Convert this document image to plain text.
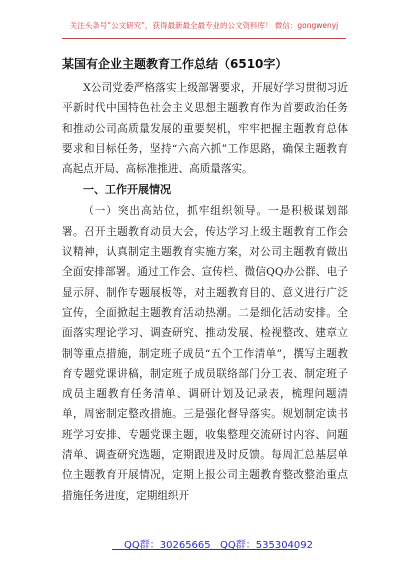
关注头条号“公文研究”，获得最新最全最专业的公文资料库！ 微信：gongwenyj
某国有企业主题教育工作总结（6510字）

X公司党委严格落实上级部署要求，开展好学习贯彻习近平新时代中国特色社会主义思想主题教育作为首要政治任务和推动公司高质量发展的重要契机，牢牢把握主题教育总体要求和目标任务，坚持“六高六抓”工作思路，确保主题教育高起点开局、高标准推进、高质量落实。

一、工作开展情况

（一）突出高站位，抓牢组织领导。一是积极谋划部署。召开主题教育动员大会，传达学习上级主题教育工作会议精神，认真制定主题教育实施方案，对公司主题教育做出全面安排部署。通过工作会、宣传栏、微信QQ办公群、电子显示屏、制作专题展板等，对主题教育目的、意义进行广泛宣传，全面掀起主题教育活动热潮。二是细化活动安排。全面落实理论学习、调查研究、推动发展、检视整改、建章立制等重点措施，制定班子成员“五个工作清单”，撰写主题教育专题党课讲稿，制定班子成员联络部门分工表、制定班子成员主题教育任务清单、调研计划及记录表，梳理问题清单，周密制定整改措施。三是强化督导落实。规划制定读书班学习安排、专题党课主题，收集整理交流研讨内容、问题清单、调查研究选题，定期跟进及时反馈。每周汇总基层单位主题教育开展情况，定期上报公司主题教育整改整治重点措施任务进度，定期组织开

QQ群：30265665 QQ群：535304092
